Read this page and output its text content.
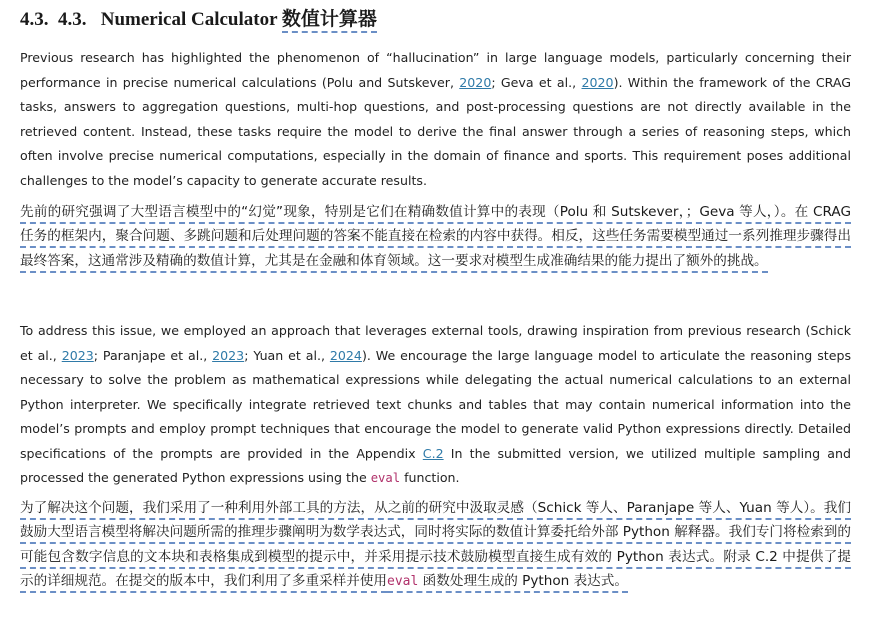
4.3. 4.3. Numerical Calculator 数值计算器
Previous research has highlighted the phenomenon of “hallucination” in large language models, particularly concerning their performance in precise numerical calculations (Polu and Sutskever, 2020; Geva et al., 2020). Within the framework of the CRAG tasks, answers to aggregation questions, multi-hop questions, and post-processing questions are not directly available in the retrieved content. Instead, these tasks require the model to derive the final answer through a series of reasoning steps, which often involve precise numerical computations, especially in the domain of finance and sports. This requirement poses additional challenges to the model’s capacity to generate accurate results.
先前的研究强调了大型语言模型中的“幻觉”现象，特别是它们在精确数值计算中的表现（Polu 和 Sutskever，；Geva 等人，）。在 CRAG 任务的框架内，聚合问题、多跳问题和后处理问题的答案不能直接在检索的内容中获得。相反，这些任务需要模型通过一系列推理步骤得出最终答案，这通常涉及精确的数值计算，尤其是在金融和体育领域。这一要求对模型生成准确结果的能力提出了额外的挑战。
To address this issue, we employed an approach that leverages external tools, drawing inspiration from previous research (Schick et al., 2023; Paranjape et al., 2023; Yuan et al., 2024). We encourage the large language model to articulate the reasoning steps necessary to solve the problem as mathematical expressions while delegating the actual numerical calculations to an external Python interpreter. We specifically integrate retrieved text chunks and tables that may contain numerical information into the model’s prompts and employ prompt techniques that encourage the model to generate valid Python expressions directly. Detailed specifications of the prompts are provided in the Appendix C.2 In the submitted version, we utilized multiple sampling and processed the generated Python expressions using the eval function.
为了解决这个问题，我们采用了一种利用外部工具的方法，从之前的研究中汲取灵感（Schick 等人、Paranjape 等人、Yuan 等人）。我们鼓励大型语言模型将解决问题所需的推理步骤阐明为数学表达式，同时将实际的数值计算委托给外部 Python 解释器。我们专门将检索到的可能包含数字信息的文本块和表格集成到模型的提示中，并采用提示技术鼓励模型直接生成有效的 Python 表达式。附录 C.2 中提供了提示的详细规范。在提交的版本中，我们利用了多重采样并使用eval 函数处理生成的 Python 表达式。
